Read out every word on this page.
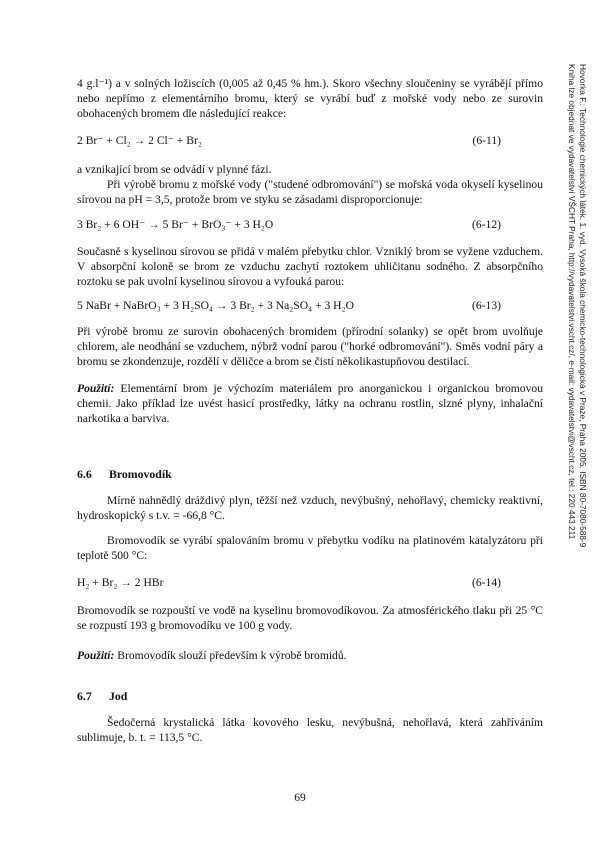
4 g.l⁻¹) a v solných ložiscích (0,005 až 0,45 % hm.). Skoro všechny sloučeniny se vyrábějí přímo nebo nepřímo z elementárního bromu, který se vyrábí buď z mořské vody nebo ze surovin obohacených bromem dle následující reakce:

2 Br⁻ + Cl₂ → 2 Cl⁻ + Br₂	(6-11)

a vznikající brom se odvádí v plynné fázi.

Při výrobě bromu z mořské vody ("studené odbromování") se mořská voda okyselí kyselinou sírovou na pH = 3,5, protože brom ve styku se zásadami disproporcionuje:

3 Br₂ + 6 OH⁻ → 5 Br⁻ + BrO₃⁻ + 3 H₂O	(6-12)

Současně s kyselinou sírovou se přidá v malém přebytku chlor. Vzniklý brom se vyžene vzduchem. V absorpční koloně se brom ze vzduchu zachytí roztokem uhličitanu sodného. Z absorpčního roztoku se pak uvolní kyselinou sírovou a vyfouká parou:

5 NaBr + NaBrO₃ + 3 H₂SO₄ → 3 Br₂ + 3 Na₂SO₄ + 3 H₂O	(6-13)

Při výrobě bromu ze surovin obohacených bromidem (přírodní solanky) se opět brom uvolňuje chlorem, ale neodhání se vzduchem, nýbrž vodní parou ("horké odbromování"). Směs vodní páry a bromu se zkondenzuje, rozdělí v děličce a brom se čistí několikastupňovou destilací.

Použití: Elementární brom je výchozím materiálem pro anorganickou i organickou bromovou chemii. Jako příklad lze uvést hasicí prostředky, látky na ochranu rostlin, slzné plyny, inhalační narkotika a barviva.

6.6 Bromovodík

Mírně nahnědlý dráždivý plyn, těžší než vzduch, nevýbušný, nehořlavý, chemicky reaktivní, hydroskopický s t.v. = -66,8 °C.

Bromovodík se vyrábí spalováním bromu v přebytku vodíku na platinovém katalyzátoru při teplotě 500 °C:

H₂ + Br₂ → 2 HBr	(6-14)

Bromovodík se rozpouští ve vodě na kyselinu bromovodíkovou. Za atmosférického tlaku při 25 °C se rozpustí 193 g bromovodíku ve 100 g vody.

Použití: Bromovodík slouží především k výrobě bromidů.

6.7 Jod

Šedočerná krystalická látka kovového lesku, nevýbušná, nehořlavá, která zahříváním sublimuje, b. t. = 113,5 °C.

69
Hovorka F.: Technologie chemických látek. 1. vyd. Vysoká škola chemicko-technologická v Praze, Praha 2005. ISBN 80-7080-588-9
Kniha lze objednat ve vydavatelství VŠCHT Praha, http://vydavatelstvi.vscht.cz/, e-mail: vydavatelstvi@vscht.cz, tel.: 220 443 211
